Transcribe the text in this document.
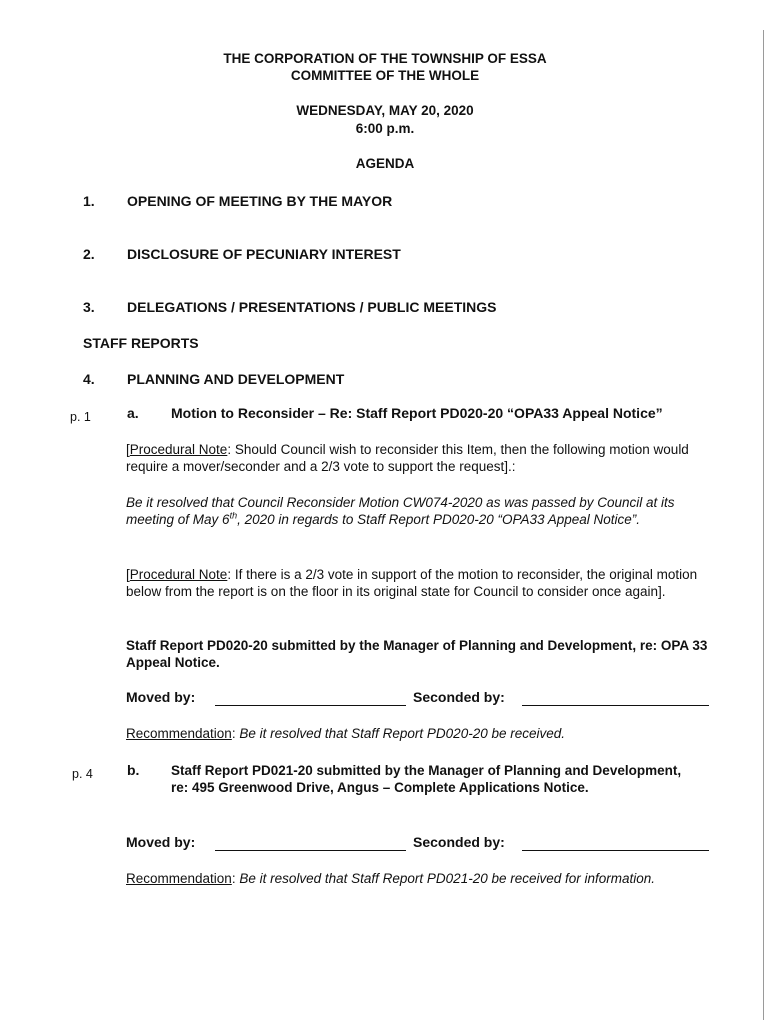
THE CORPORATION OF THE TOWNSHIP OF ESSA
COMMITTEE OF THE WHOLE
WEDNESDAY, MAY 20, 2020
6:00 p.m.
AGENDA
1. OPENING OF MEETING BY THE MAYOR
2. DISCLOSURE OF PECUNIARY INTEREST
3. DELEGATIONS / PRESENTATIONS / PUBLIC MEETINGS
STAFF REPORTS
4. PLANNING AND DEVELOPMENT
p. 1	a. Motion to Reconsider – Re: Staff Report PD020-20 “OPA33 Appeal Notice”
[Procedural Note: Should Council wish to reconsider this Item, then the following motion would require a mover/seconder and a 2/3 vote to support the request].:
Be it resolved that Council Reconsider Motion CW074-2020 as was passed by Council at its meeting of May 6th, 2020 in regards to Staff Report PD020-20 “OPA33 Appeal Notice”.
[Procedural Note: If there is a 2/3 vote in support of the motion to reconsider, the original motion below from the report is on the floor in its original state for Council to consider once again].
Staff Report PD020-20 submitted by the Manager of Planning and Development, re: OPA 33 Appeal Notice.
Moved by:	Seconded by:
Recommendation: Be it resolved that Staff Report PD020-20 be received.
p. 4 b. Staff Report PD021-20 submitted by the Manager of Planning and Development, re: 495 Greenwood Drive, Angus – Complete Applications Notice.
Moved by:	Seconded by:
Recommendation: Be it resolved that Staff Report PD021-20 be received for information.
